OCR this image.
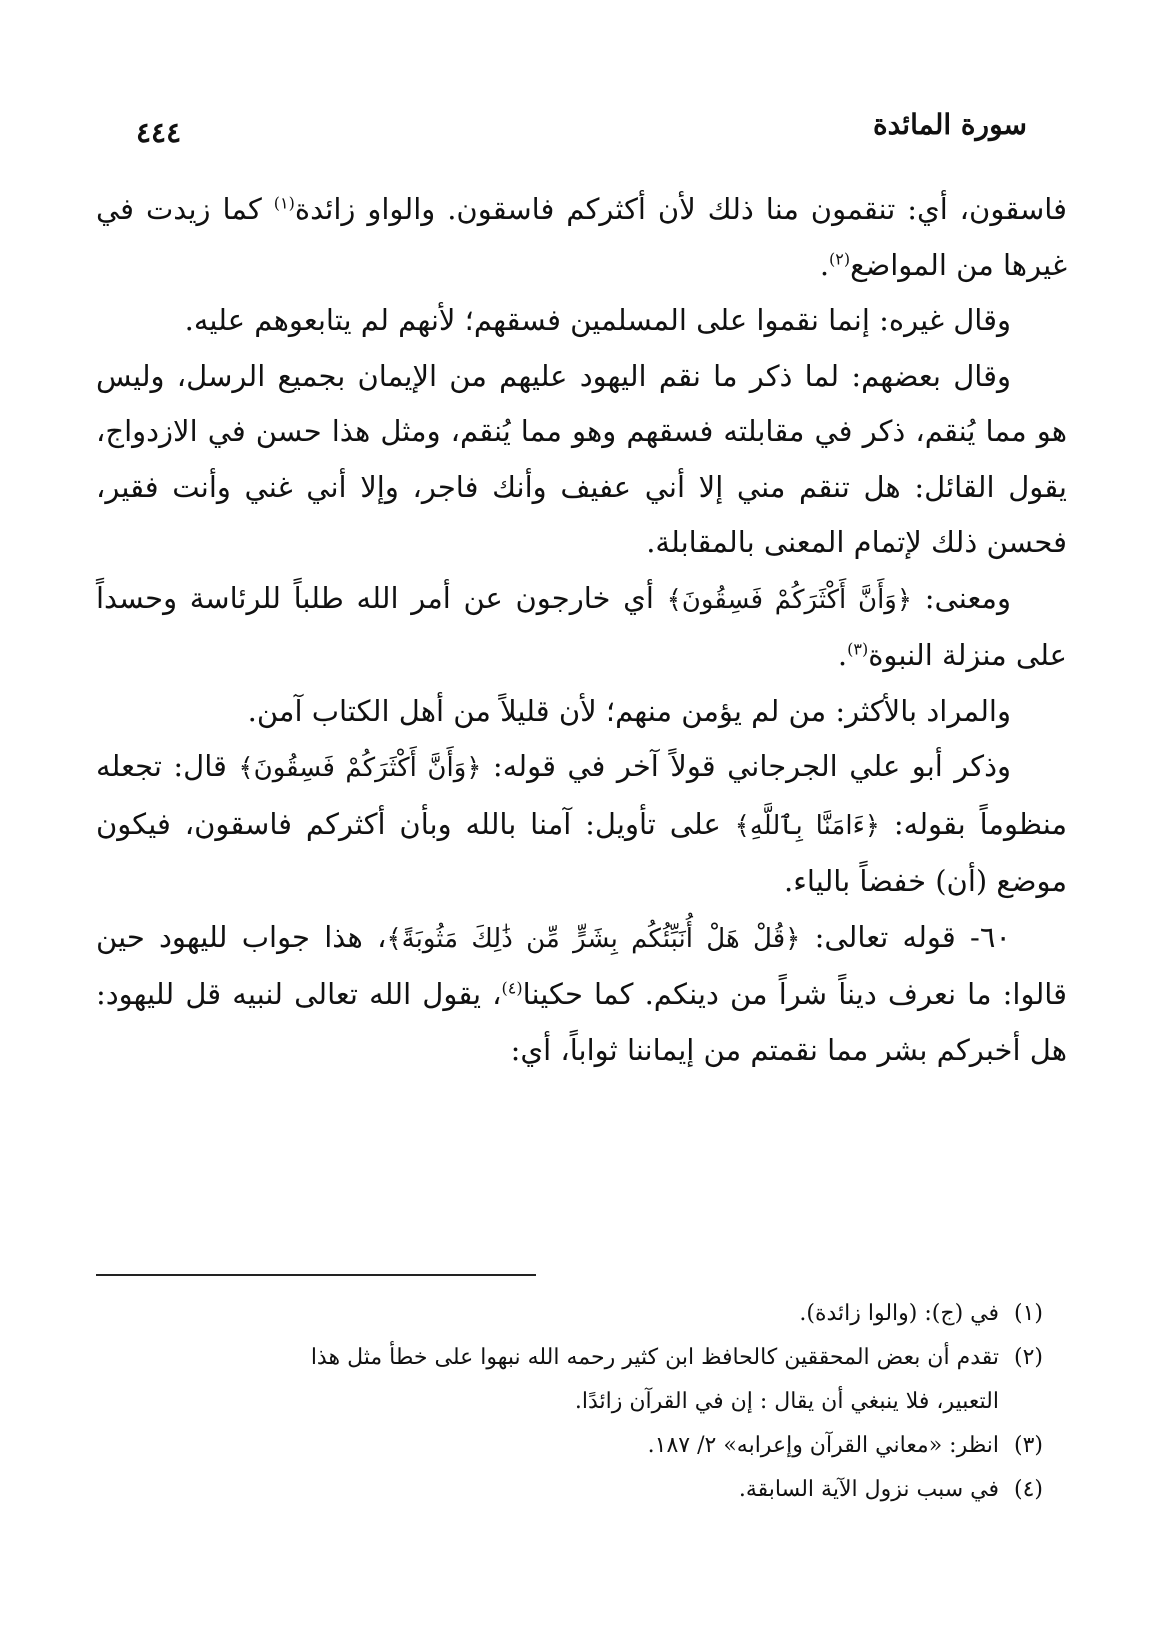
سورة المائدة
٤٤٤

فاسقون، أي: تنقمون منا ذلك لأن أكثركم فاسقون. والواو زائدة$^{(١)}$ كما زيدت في غيرها من المواضع$^{(٢)}$.

وقال غيره: إنما نقموا على المسلمين فسقهم؛ لأنهم لم يتابعوهم عليه.

وقال بعضهم: لما ذكر ما نقم اليهود عليهم من الإيمان بجميع الرسل، وليس هو مما يُنقم، ذكر في مقابلته فسقهم وهو مما يُنقم، ومثل هذا حسن في الازدواج، يقول القائل: هل تنقم مني إلا أني عفيف وأنك فاجر، وإلا أني غني وأنت فقير، فحسن ذلك لإتمام المعنى بالمقابلة.

ومعنى: ﴿وَأَنَّ أَكْثَرَكُمْ فَسِقُونَ﴾ أي خارجون عن أمر الله طلباً للرئاسة وحسداً على منزلة النبوة$^{(٣)}$.

والمراد بالأكثر: من لم يؤمن منهم؛ لأن قليلاً من أهل الكتاب آمن.

وذكر أبو علي الجرجاني قولاً آخر في قوله: ﴿وَأَنَّ أَكْثَرَكُمْ فَسِقُونَ﴾ قال: تجعله منظوماً بقوله: ﴿ءَامَنَّا بِٱللَّهِ﴾ على تأويل: آمنا بالله وبأن أكثركم فاسقون، فيكون موضع (أن) خفضاً بالياء.

٦٠- قوله تعالى: ﴿قُلْ هَلْ أُنَبِّئُكُم بِشَرٍّ مِّن ذَٰلِكَ مَثُوبَةً﴾، هذا جواب لليهود حين قالوا: ما نعرف ديناً شراً من دينكم. كما حكينا$^{(٤)}$، يقول الله تعالى لنبيه قل لليهود: هل أخبركم بشر مما نقمتم من إيماننا ثواباً، أي:

(١)في (ج): (والوا زائدة).

(٢)تقدم أن بعض المحققين كالحافظ ابن كثير رحمه الله نبهوا على خطأ مثل هذا

التعبير، فلا ينبغي أن يقال : إن في القرآن زائدًا.

(٣)انظر: «معاني القرآن وإعرابه» ٢/ ١٨٧.

(٤)في سبب نزول الآية السابقة.
